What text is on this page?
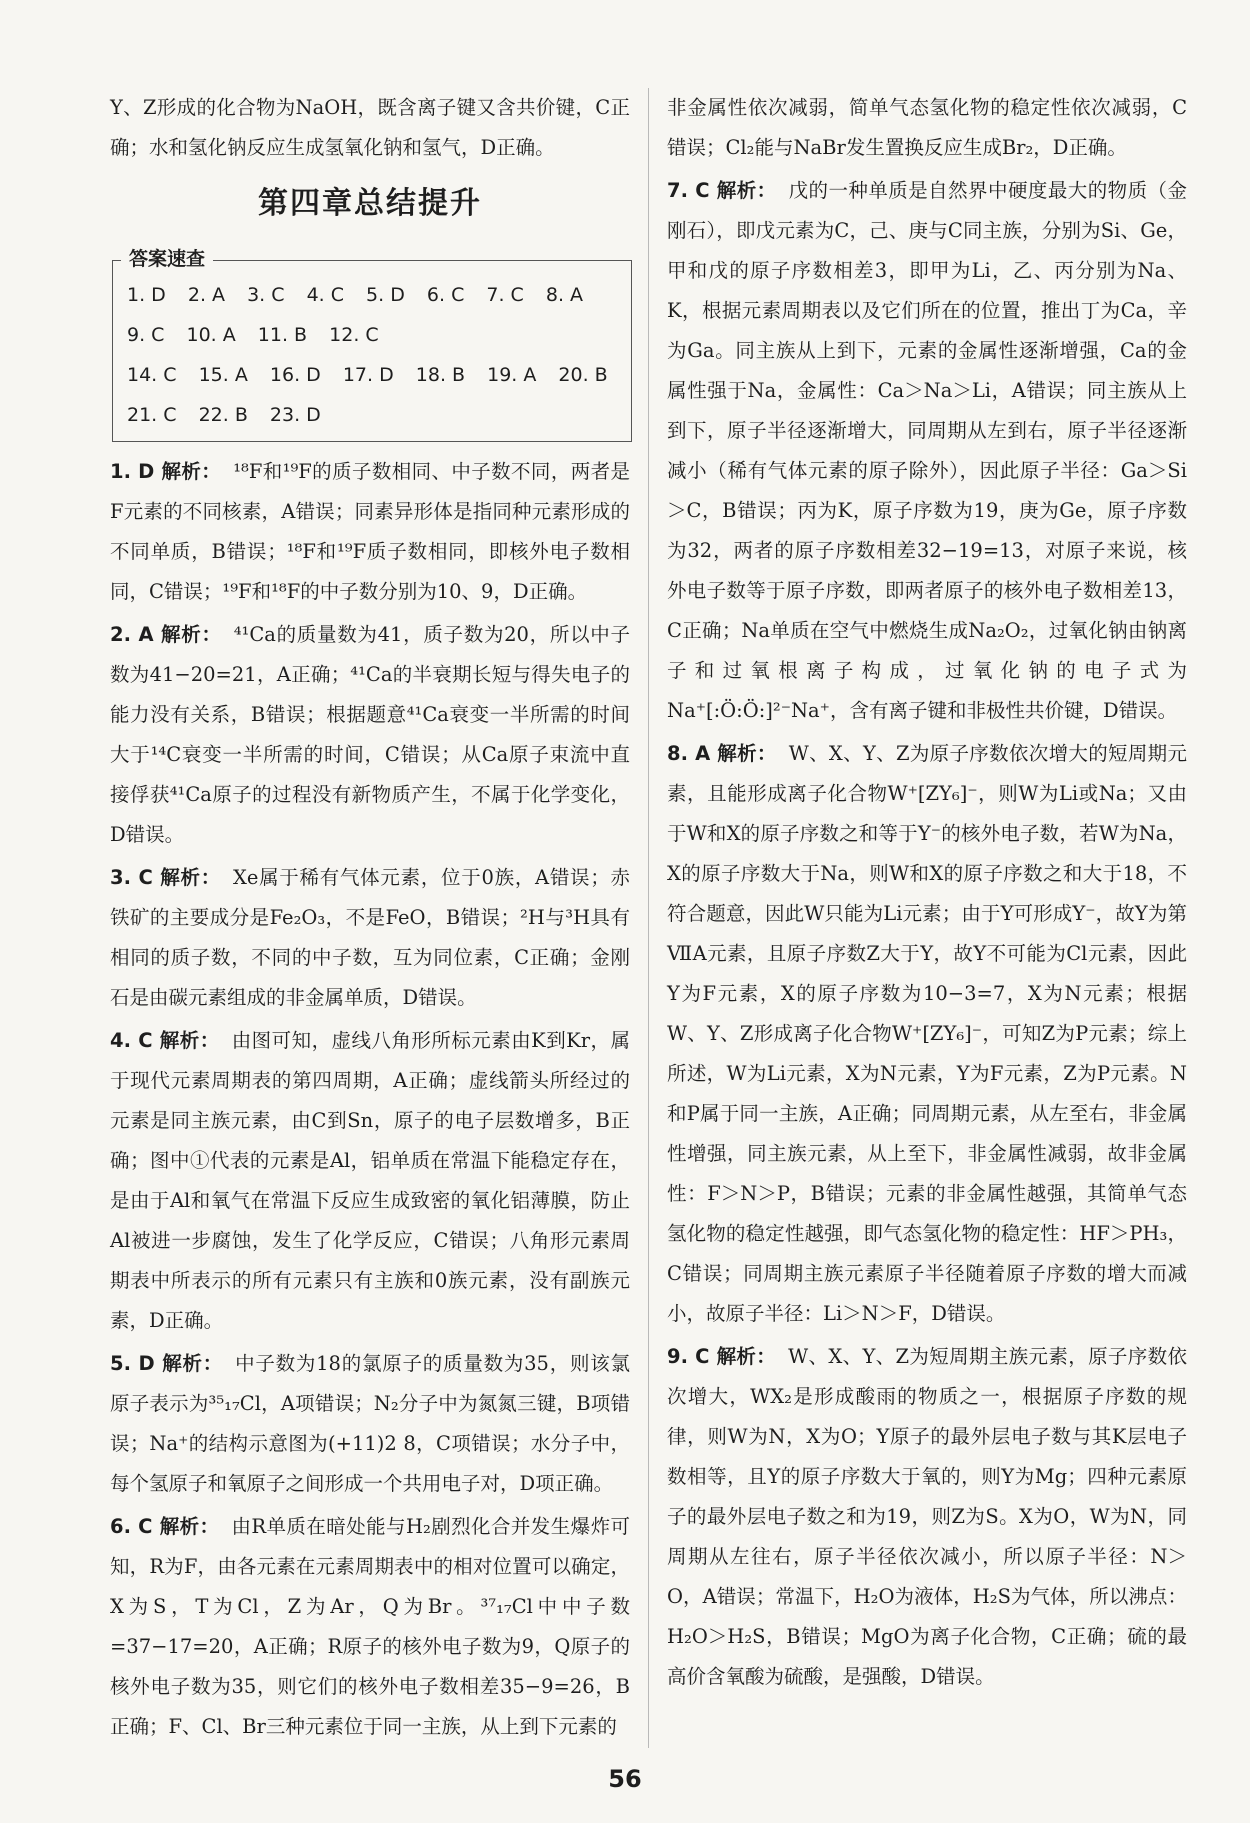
Y、Z形成的化合物为NaOH，既含离子键又含共价键，C正确；水和氢化钠反应生成氢氧化钠和氢气，D正确。

第四章总结提升
答案速查
1. D 2. A 3. C 4. C 5. D 6. C 7. C 8. A
9. C 10. A 11. B 12. C
14. C 15. A 16. D 17. D 18. B 19. A 20. B
21. C 22. B 23. D

1. D 解析： ¹⁸F和¹⁹F的质子数相同、中子数不同，两者是F元素的不同核素，A错误；同素异形体是指同种元素形成的不同单质，B错误；¹⁸F和¹⁹F质子数相同，即核外电子数相同，C错误；¹⁹F和¹⁸F的中子数分别为10、9，D正确。

2. A 解析： ⁴¹Ca的质量数为41，质子数为20，所以中子数为41−20=21，A正确；⁴¹Ca的半衰期长短与得失电子的能力没有关系，B错误；根据题意⁴¹Ca衰变一半所需的时间大于¹⁴C衰变一半所需的时间，C错误；从Ca原子束流中直接俘获⁴¹Ca原子的过程没有新物质产生，不属于化学变化，D错误。

3. C 解析： Xe属于稀有气体元素，位于0族，A错误；赤铁矿的主要成分是Fe₂O₃，不是FeO，B错误；²H与³H具有相同的质子数，不同的中子数，互为同位素，C正确；金刚石是由碳元素组成的非金属单质，D错误。

4. C 解析： 由图可知，虚线八角形所标元素由K到Kr，属于现代元素周期表的第四周期，A正确；虚线箭头所经过的元素是同主族元素，由C到Sn，原子的电子层数增多，B正确；图中①代表的元素是Al，铝单质在常温下能稳定存在，是由于Al和氧气在常温下反应生成致密的氧化铝薄膜，防止Al被进一步腐蚀，发生了化学反应，C错误；八角形元素周期表中所表示的所有元素只有主族和0族元素，没有副族元素，D正确。

5. D 解析： 中子数为18的氯原子的质量数为35，则该氯原子表示为³⁵₁₇Cl，A项错误；N₂分子中为氮氮三键，B项错误；Na⁺的结构示意图为(+11)2 8，C项错误；水分子中，每个氢原子和氧原子之间形成一个共用电子对，D项正确。

6. C 解析： 由R单质在暗处能与H₂剧烈化合并发生爆炸可知，R为F，由各元素在元素周期表中的相对位置可以确定，X为S，T为Cl，Z为Ar，Q为Br。³⁷₁₇Cl中中子数=37−17=20，A正确；R原子的核外电子数为9，Q原子的核外电子数为35，则它们的核外电子数相差35−9=26，B正确；F、Cl、Br三种元素位于同一主族，从上到下元素的

非金属性依次减弱，简单气态氢化物的稳定性依次减弱，C错误；Cl₂能与NaBr发生置换反应生成Br₂，D正确。

7. C 解析： 戊的一种单质是自然界中硬度最大的物质（金刚石），即戊元素为C，己、庚与C同主族，分别为Si、Ge，甲和戊的原子序数相差3，即甲为Li，乙、丙分别为Na、K，根据元素周期表以及它们所在的位置，推出丁为Ca，辛为Ga。同主族从上到下，元素的金属性逐渐增强，Ca的金属性强于Na，金属性：Ca＞Na＞Li，A错误；同主族从上到下，原子半径逐渐增大，同周期从左到右，原子半径逐渐减小（稀有气体元素的原子除外），因此原子半径：Ga＞Si＞C，B错误；丙为K，原子序数为19，庚为Ge，原子序数为32，两者的原子序数相差32−19=13，对原子来说，核外电子数等于原子序数，即两者原子的核外电子数相差13，C正确；Na单质在空气中燃烧生成Na₂O₂，过氧化钠由钠离子和过氧根离子构成，过氧化钠的电子式为Na⁺[:Ö:Ö:]²⁻Na⁺，含有离子键和非极性共价键，D错误。

8. A 解析： W、X、Y、Z为原子序数依次增大的短周期元素，且能形成离子化合物W⁺[ZY₆]⁻，则W为Li或Na；又由于W和X的原子序数之和等于Y⁻的核外电子数，若W为Na，X的原子序数大于Na，则W和X的原子序数之和大于18，不符合题意，因此W只能为Li元素；由于Y可形成Y⁻，故Y为第ⅦA元素，且原子序数Z大于Y，故Y不可能为Cl元素，因此Y为F元素，X的原子序数为10−3=7，X为N元素；根据W、Y、Z形成离子化合物W⁺[ZY₆]⁻，可知Z为P元素；综上所述，W为Li元素，X为N元素，Y为F元素，Z为P元素。N和P属于同一主族，A正确；同周期元素，从左至右，非金属性增强，同主族元素，从上至下，非金属性减弱，故非金属性：F＞N＞P，B错误；元素的非金属性越强，其简单气态氢化物的稳定性越强，即气态氢化物的稳定性：HF＞PH₃，C错误；同周期主族元素原子半径随着原子序数的增大而减小，故原子半径：Li＞N＞F，D错误。

9. C 解析： W、X、Y、Z为短周期主族元素，原子序数依次增大，WX₂是形成酸雨的物质之一，根据原子序数的规律，则W为N，X为O；Y原子的最外层电子数与其K层电子数相等，且Y的原子序数大于氧的，则Y为Mg；四种元素原子的最外层电子数之和为19，则Z为S。X为O，W为N，同周期从左往右，原子半径依次减小，所以原子半径：N＞O，A错误；常温下，H₂O为液体，H₂S为气体，所以沸点：H₂O＞H₂S，B错误；MgO为离子化合物，C正确；硫的最高价含氧酸为硫酸，是强酸，D错误。

56
